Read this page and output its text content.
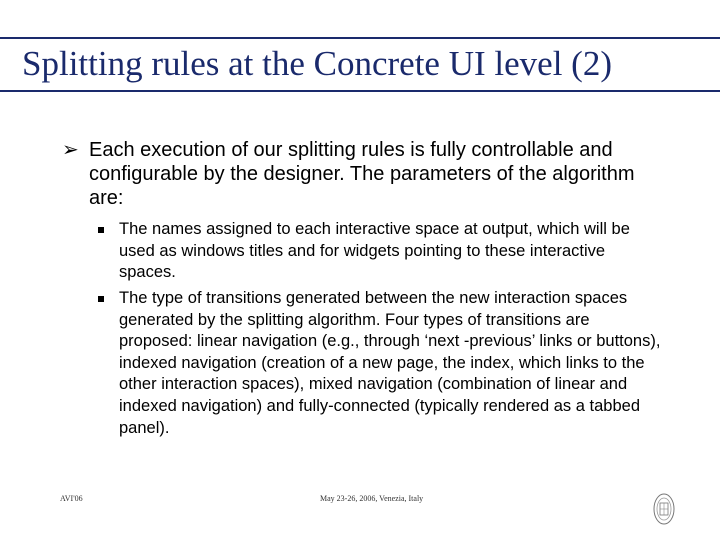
Splitting rules at the Concrete UI level (2)
➢ Each execution of our splitting rules is fully controllable and configurable by the designer. The parameters of the algorithm are:
The names assigned to each interactive space at output, which will be used as windows titles and for widgets pointing to these interactive spaces.
The type of transitions generated between the new interaction spaces generated by the splitting algorithm. Four types of transitions are proposed: linear navigation (e.g., through ‘next -previous’ links or buttons), indexed navigation (creation of a new page, the index, which links to the other interaction spaces), mixed navigation (combination of linear and indexed navigation) and fully-connected (typically rendered as a tabbed panel).
AVI'06	May 23-26, 2006, Venezia, Italy
